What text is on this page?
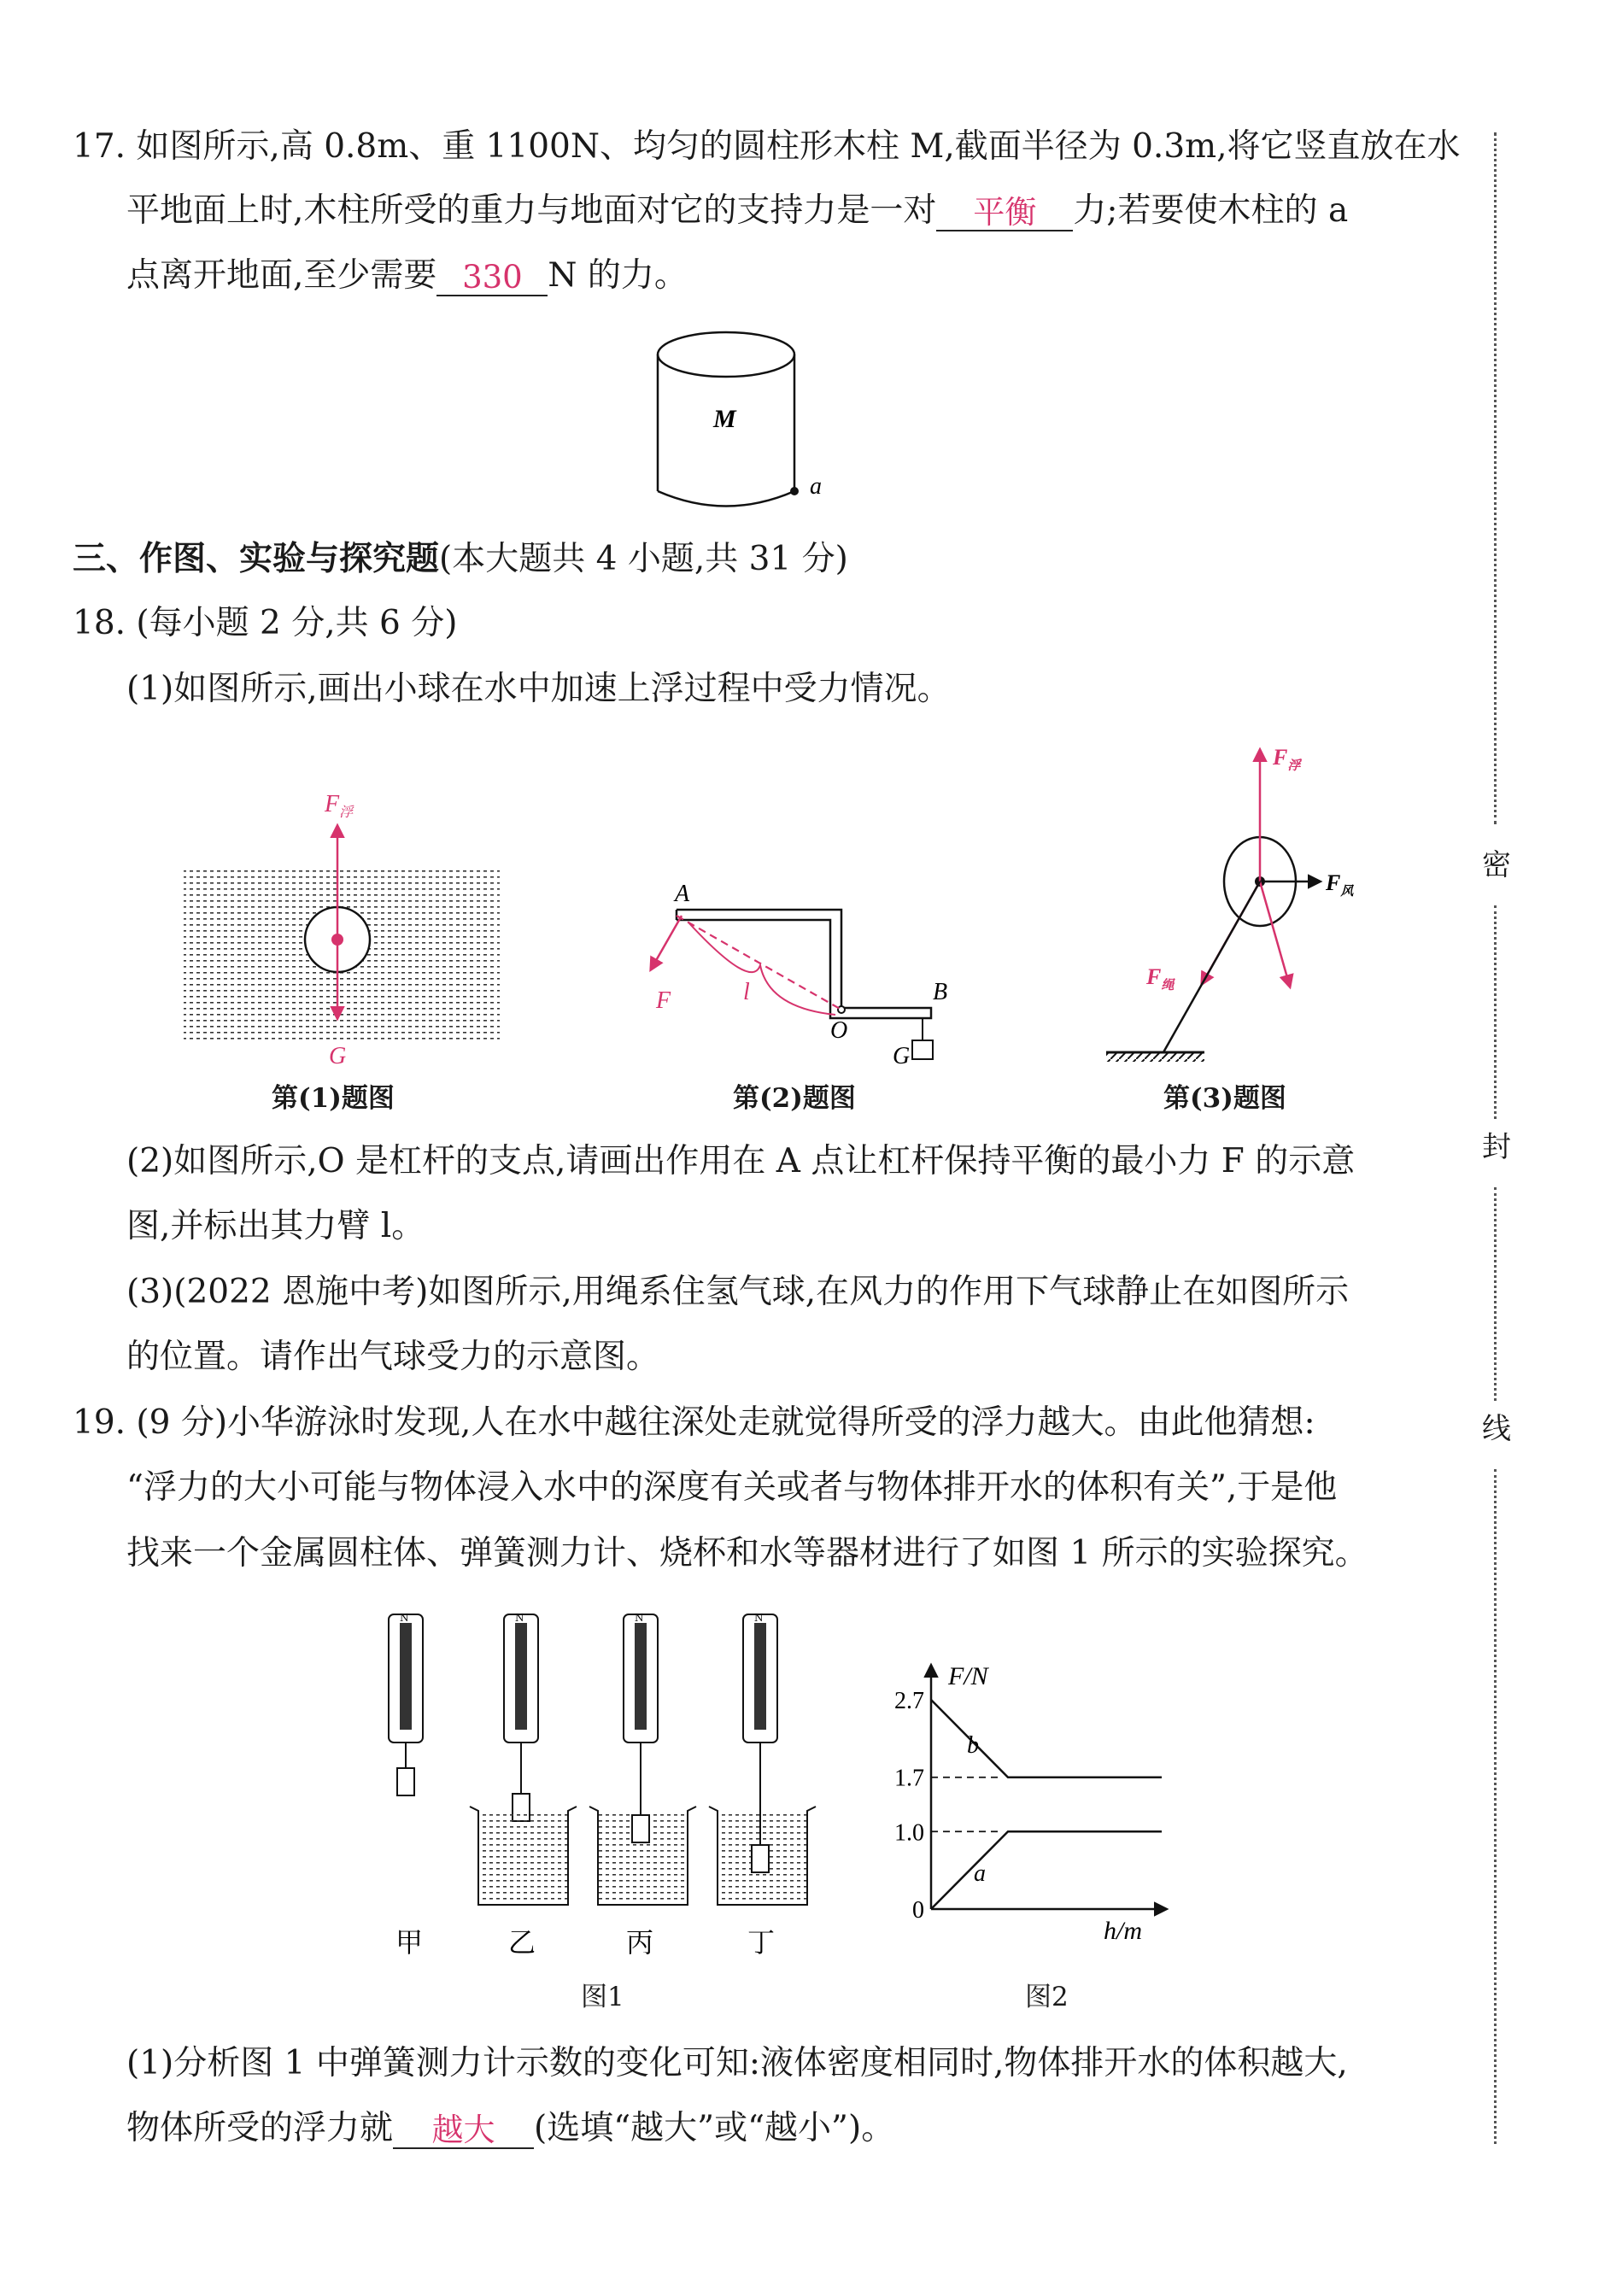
17. 如图所示,高 0.8m、重 1100N、均匀的圆柱形木柱 M,截面半径为 0.3m,将它竖直放在水
平地面上时,木柱所受的重力与地面对它的支持力是一对 平衡 力;若要使木柱的 a
点离开地面,至少需要 330 N 的力。
M
a
三、作图、实验与探究题(本大题共 4 小题,共 31 分)
18. (每小题 2 分,共 6 分)
(1)如图所示,画出小球在水中加速上浮过程中受力情况。
$F_浮$
G
第(1)题图
A
B
O
F	l
G
第(2)题图
$F_浮$
$F_风$
$F_绳$
第(3)题图
(2)如图所示,O 是杠杆的支点,请画出作用在 A 点让杠杆保持平衡的最小力 F 的示意
图,并标出其力臂 l。
(3)(2022 恩施中考)如图所示,用绳系住氢气球,在风力的作用下气球静止在如图所示
的位置。请作出气球受力的示意图。
19. (9 分)小华游泳时发现,人在水中越往深处走就觉得所受的浮力越大。由此他猜想:
“浮力的大小可能与物体浸入水中的深度有关或者与物体排开水的体积有关”,于是他
找来一个金属圆柱体、弹簧测力计、烧杯和水等器材进行了如图 1 所示的实验探究。
N	N	N	N
甲	乙	丙	丁
图1
F/N
h/m
2.7
1.7
1.0
0
b
a
图2
(1)分析图 1 中弹簧测力计示数的变化可知:液体密度相同时,物体排开水的体积越大,
物体所受的浮力就 越大 (选填“越大”或“越小”)。
密
封
线
